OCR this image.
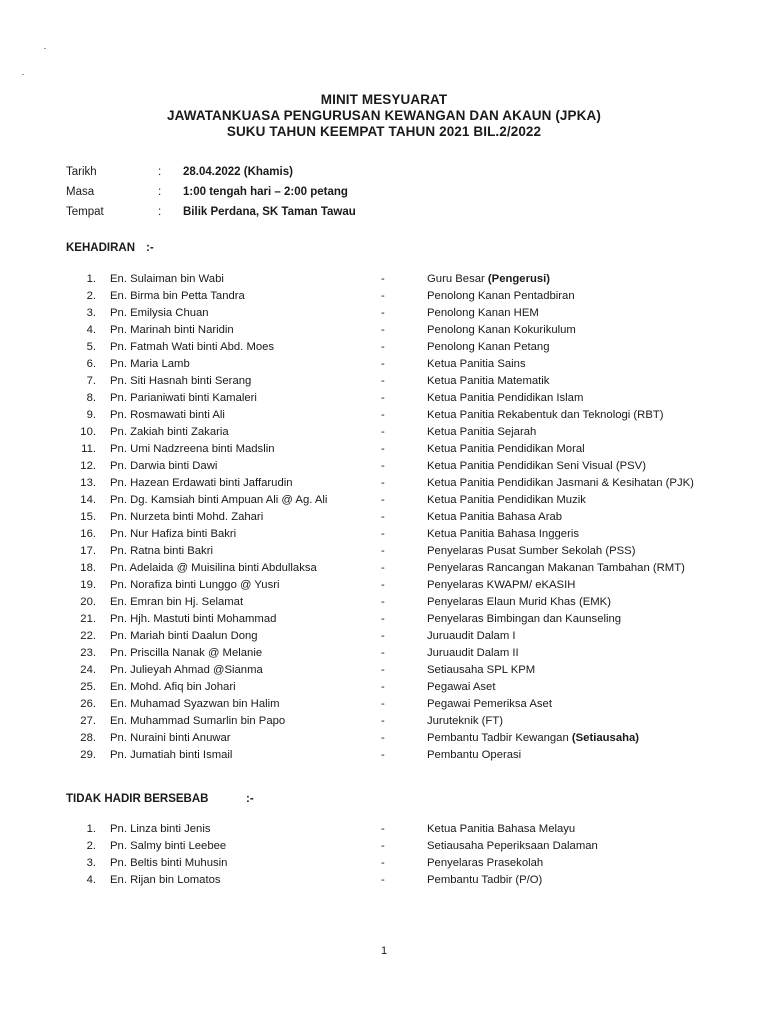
MINIT MESYUARAT
JAWATANKUASA PENGURUSAN KEWANGAN DAN AKAUN (JPKA)
SUKU TAHUN KEEMPAT TAHUN 2021 BIL.2/2022
Tarikh	: 28.04.2022 (Khamis)
Masa	: 1:00 tengah hari – 2:00 petang
Tempat	: Bilik Perdana, SK Taman Tawau
KEHADIRAN :-
1. En. Sulaiman bin Wabi	-	Guru Besar (Pengerusi)
2. En. Birma bin Petta Tandra	-	Penolong Kanan Pentadbiran
3. Pn. Emilysia Chuan	-	Penolong Kanan HEM
4. Pn. Marinah binti Naridin	-	Penolong Kanan Kokurikulum
5. Pn. Fatmah Wati binti Abd. Moes	-	Penolong Kanan Petang
6. Pn. Maria Lamb	-	Ketua Panitia Sains
7. Pn. Siti Hasnah binti Serang	-	Ketua Panitia Matematik
8. Pn. Parianiwati binti Kamaleri	-	Ketua Panitia Pendidikan Islam
9. Pn. Rosmawati binti Ali	-	Ketua Panitia Rekabentuk dan Teknologi (RBT)
10. Pn. Zakiah binti Zakaria	-	Ketua Panitia Sejarah
11. Pn. Umi Nadzreena binti Madslin	-	Ketua Panitia Pendidikan Moral
12. Pn. Darwia binti Dawi	-	Ketua Panitia Pendidikan Seni Visual (PSV)
13. Pn. Hazean Erdawati binti Jaffarudin	-	Ketua Panitia Pendidikan Jasmani & Kesihatan (PJK)
14. Pn. Dg. Kamsiah binti Ampuan Ali @ Ag. Ali	-	Ketua Panitia Pendidikan Muzik
15. Pn. Nurzeta binti Mohd. Zahari	-	Ketua Panitia Bahasa Arab
16. Pn. Nur Hafiza binti Bakri	-	Ketua Panitia Bahasa Inggeris
17. Pn. Ratna binti Bakri	-	Penyelaras Pusat Sumber Sekolah (PSS)
18. Pn. Adelaida @ Muisilina binti Abdullaksa	-	Penyelaras Rancangan Makanan Tambahan (RMT)
19. Pn. Norafiza binti Lunggo @ Yusri	-	Penyelaras KWAPM/ eKASIH
20. En. Emran bin Hj. Selamat	-	Penyelaras Elaun Murid Khas (EMK)
21. Pn. Hjh. Mastuti binti Mohammad	-	Penyelaras Bimbingan dan Kaunseling
22. Pn. Mariah binti Daalun Dong	-	Juruaudit Dalam I
23. Pn. Priscilla Nanak @ Melanie	-	Juruaudit Dalam II
24. Pn. Julieyah Ahmad @Sianma	-	Setiausaha SPL KPM
25. En. Mohd. Afiq bin Johari	-	Pegawai Aset
26. En. Muhamad Syazwan bin Halim	-	Pegawai Pemeriksa Aset
27. En. Muhammad Sumarlin bin Papo	-	Juruteknik (FT)
28. Pn. Nuraini binti Anuwar	-	Pembantu Tadbir Kewangan (Setiausaha)
29. Pn. Jumatiah binti Ismail	-	Pembantu Operasi
TIDAK HADIR BERSEBAB	:-
1. Pn. Linza binti Jenis	-	Ketua Panitia Bahasa Melayu
2. Pn. Salmy binti Leebee	-	Setiausaha Peperiksaan Dalaman
3. Pn. Beltis binti Muhusin	-	Penyelaras Prasekolah
4. En. Rijan bin Lomatos	-	Pembantu Tadbir (P/O)
1
